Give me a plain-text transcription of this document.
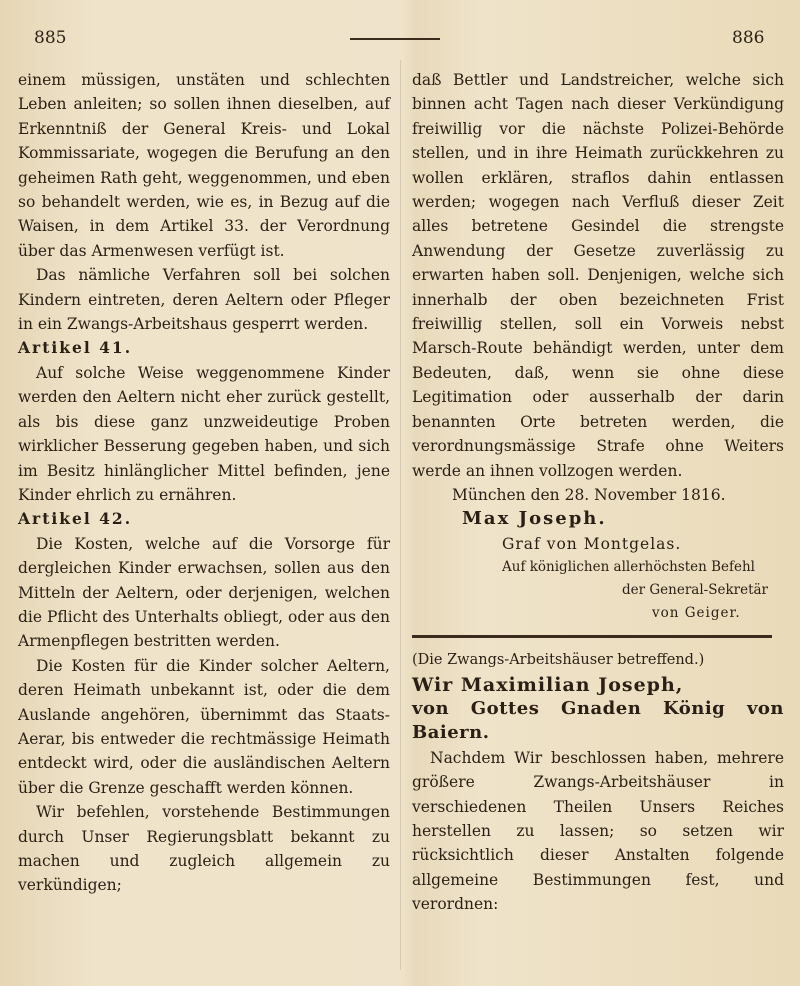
885	886

einem müssigen, unstäten und schlechten Leben anleiten; so sollen ihnen dieselben, auf Erkenntniß der General Kreis- und Lokal Kommissariate, wogegen die Berufung an den geheimen Rath geht, weggenommen, und eben so behandelt werden, wie es, in Bezug auf die Waisen, in dem Artikel 33. der Verordnung über das Armenwesen verfügt ist.

Das nämliche Verfahren soll bei solchen Kindern eintreten, deren Aeltern oder Pfleger in ein Zwangs-Arbeitshaus gesperrt werden.

Artikel 41.

Auf solche Weise weggenommene Kinder werden den Aeltern nicht eher zurück gestellt, als bis diese ganz unzweideutige Proben wirklicher Besserung gegeben haben, und sich im Besitz hinlänglicher Mittel befinden, jene Kinder ehrlich zu ernähren.

Artikel 42.

Die Kosten, welche auf die Vorsorge für dergleichen Kinder erwachsen, sollen aus den Mitteln der Aeltern, oder derjenigen, welchen die Pflicht des Unterhalts obliegt, oder aus den Armenpflegen bestritten werden.

Die Kosten für die Kinder solcher Aeltern, deren Heimath unbekannt ist, oder die dem Auslande angehören, übernimmt das Staats-Aerar, bis entweder die rechtmässige Heimath entdeckt wird, oder die ausländischen Aeltern über die Grenze geschafft werden können.

Wir befehlen, vorstehende Bestimmungen durch Unser Regierungsblatt bekannt zu machen und zugleich allgemein zu verkündigen;

daß Bettler und Landstreicher, welche sich binnen acht Tagen nach dieser Verkündigung freiwillig vor die nächste Polizei-Behörde stellen, und in ihre Heimath zurückkehren zu wollen erklären, straflos dahin entlassen werden; wogegen nach Verfluß dieser Zeit alles betretene Gesindel die strengste Anwendung der Gesetze zuverlässig zu erwarten haben soll. Denjenigen, welche sich innerhalb der oben bezeichneten Frist freiwillig stellen, soll ein Vorweis nebst Marsch-Route behändigt werden, unter dem Bedeuten, daß, wenn sie ohne diese Legitimation oder ausserhalb der darin benannten Orte betreten werden, die verordnungsmässige Strafe ohne Weiters werde an ihnen vollzogen werden.

München den 28. November 1816.

Max Joseph.

Graf von Montgelas.

Auf königlichen allerhöchsten Befehl

der General-Sekretär

von Geiger.

(Die Zwangs-Arbeitshäuser betreffend.)

Wir Maximilian Joseph,

von Gottes Gnaden König von Baiern.

Nachdem Wir beschlossen haben, mehrere größere Zwangs-Arbeitshäuser in verschiedenen Theilen Unsers Reiches herstellen zu lassen; so setzen wir rücksichtlich dieser Anstalten folgende allgemeine Bestimmungen fest, und verordnen:
